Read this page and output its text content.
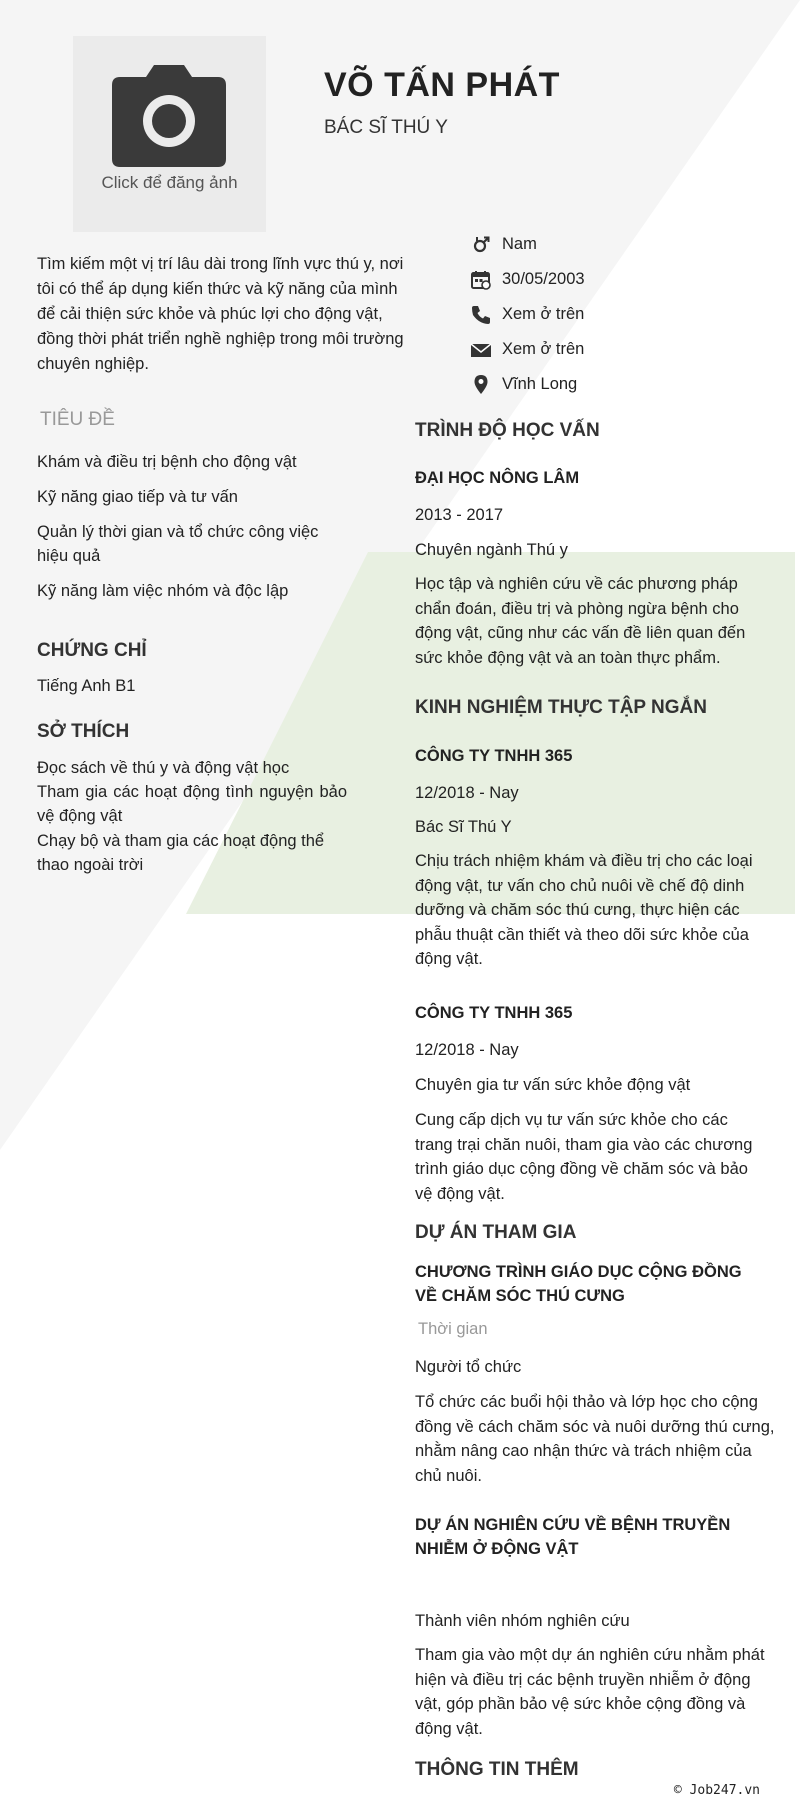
Click để đăng ảnh
VÕ TẤN PHÁT
BÁC SĨ THÚ Y
Tìm kiếm một vị trí lâu dài trong lĩnh vực thú y, nơi tôi có thể áp dụng kiến thức và kỹ năng của mình để cải thiện sức khỏe và phúc lợi cho động vật, đồng thời phát triển nghề nghiệp trong môi trường chuyên nghiệp.
Nam
30/05/2003
Xem ở trên
Xem ở trên
Vĩnh Long
TIÊU ĐỀ
Khám và điều trị bệnh cho động vật
Kỹ năng giao tiếp và tư vấn
Quản lý thời gian và tổ chức công việc hiệu quả
Kỹ năng làm việc nhóm và độc lập
CHỨNG CHỈ
Tiếng Anh B1
SỞ THÍCH
Đọc sách về thú y và động vật học
Tham gia các hoạt động tình nguyện bảo vệ động vật
Chạy bộ và tham gia các hoạt động thể thao ngoài trời
TRÌNH ĐỘ HỌC VẤN
ĐẠI HỌC NÔNG LÂM
2013 - 2017
Chuyên ngành Thú y
Học tập và nghiên cứu về các phương pháp chẩn đoán, điều trị và phòng ngừa bệnh cho động vật, cũng như các vấn đề liên quan đến sức khỏe động vật và an toàn thực phẩm.
KINH NGHIỆM THỰC TẬP NGẮN
CÔNG TY TNHH 365
12/2018 - Nay
Bác Sĩ Thú Y
Chịu trách nhiệm khám và điều trị cho các loại động vật, tư vấn cho chủ nuôi về chế độ dinh dưỡng và chăm sóc thú cưng, thực hiện các phẫu thuật cần thiết và theo dõi sức khỏe của động vật.
CÔNG TY TNHH 365
12/2018 - Nay
Chuyên gia tư vấn sức khỏe động vật
Cung cấp dịch vụ tư vấn sức khỏe cho các trang trại chăn nuôi, tham gia vào các chương trình giáo dục cộng đồng về chăm sóc và bảo vệ động vật.
DỰ ÁN THAM GIA
CHƯƠNG TRÌNH GIÁO DỤC CỘNG ĐỒNG VỀ CHĂM SÓC THÚ CƯNG
Thời gian
Người tổ chức
Tổ chức các buổi hội thảo và lớp học cho cộng đồng về cách chăm sóc và nuôi dưỡng thú cưng, nhằm nâng cao nhận thức và trách nhiệm của chủ nuôi.
DỰ ÁN NGHIÊN CỨU VỀ BỆNH TRUYỀN NHIỄM Ở ĐỘNG VẬT
Thành viên nhóm nghiên cứu
Tham gia vào một dự án nghiên cứu nhằm phát hiện và điều trị các bệnh truyền nhiễm ở động vật, góp phần bảo vệ sức khỏe cộng đồng và động vật.
THÔNG TIN THÊM
© Job247.vn
